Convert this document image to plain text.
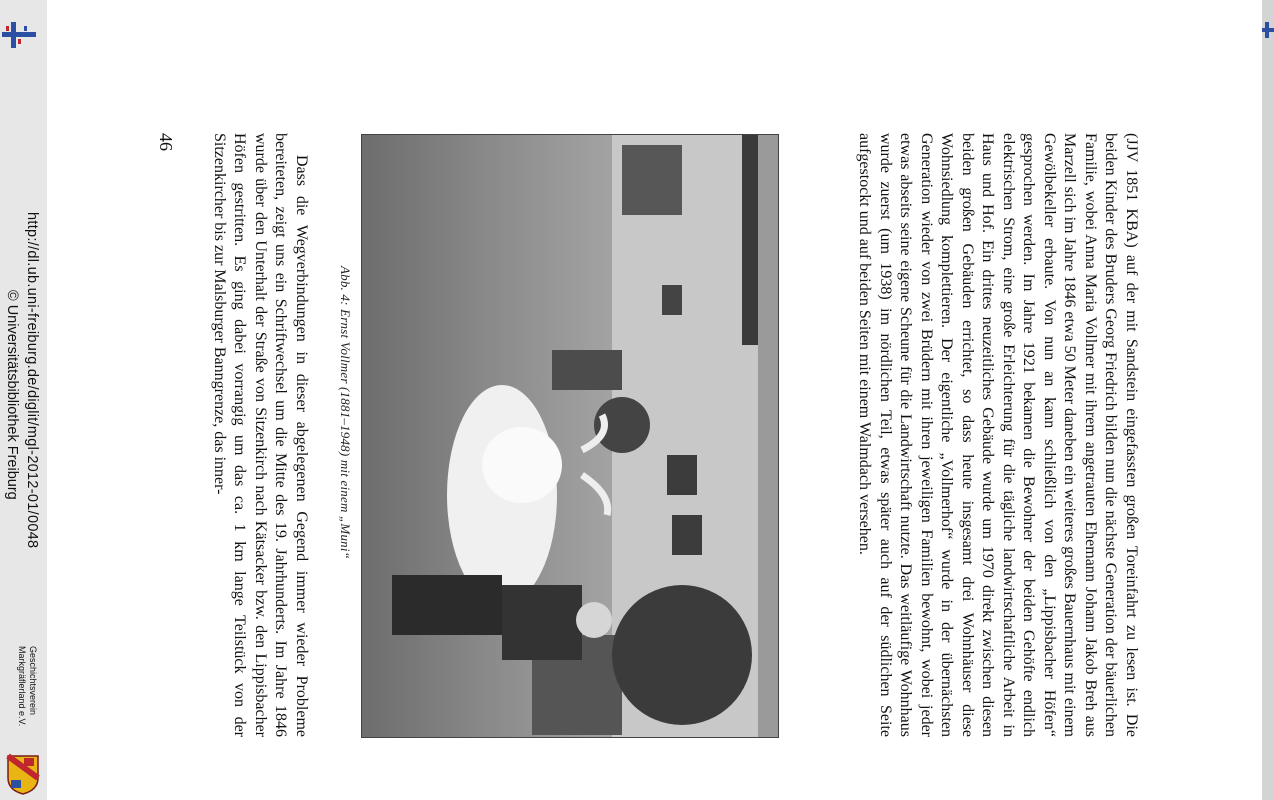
http://dl.ub.uni-freiburg.de/diglit/mgl-2012-01/0048
© Universitätsbibliothek Freiburg
Geschichtsverein
Markgräflerland e.V.
46	(JJV 1851 KBA) auf der mit Sandstein eingefassten großen Toreinfahrt zu lesen ist. Die beiden Kinder des Bruders Georg Friedrich bilden nun die nächste Generation der bäuerlichen Familie, wobei Anna Maria Vollmer mit ihrem angetrauten Ehemann Johann Jakob Breh aus Marzell sich im Jahre 1846 etwa 50 Meter daneben ein weiteres großes Bauernhaus mit einem Gewölbekeller erbaute. Von nun an kann schließlich von den „Lippisbacher Höfen“ gesprochen werden. Im Jahre 1921 bekamen die Bewohner der beiden Gehöfte endlich elektrischen Strom, eine große Erleichterung für die tägliche landwirtschaftliche Arbeit in Haus und Hof. Ein drittes neuzeitliches Gebäude wurde um 1970 direkt zwischen diesen beiden großen Gebäuden errichtet, so dass heute insgesamt drei Wohnhäuser diese Wohnsiedlung komplettieren. Der eigentliche „Vollmerhof“ wurde in der übernächsten Generation wieder von zwei Brüdern mit ihren jeweiligen Familien bewohnt, wobei jeder etwas abseits seine eigene Scheune für die Landwirtschaft nutzte. Das weitläufige Wohnhaus wurde zuerst (um 1938) im nördlichen Teil, etwas später auch auf der südlichen Seite aufgestockt und auf beiden Seiten mit einem Walmdach versehen.

Abb. 4: Ernst Vollmer (1881–1948) mit einem „Muni“

Dass die Wegverbindungen in dieser abgelegenen Gegend immer wieder Probleme bereiteten, zeigt uns ein Schriftwechsel um die Mitte des 19. Jahrhunderts. Im Jahre 1846 wurde über den Unterhalt der Straße von Sitzenkirch nach Kätsacker bzw. den Lippisbacher Höfen gestritten. Es ging dabei vorrangig um das ca. 1 km lange Teilstück von der Sitzenkircher bis zur Malsburger Banngrenze, das inner-
